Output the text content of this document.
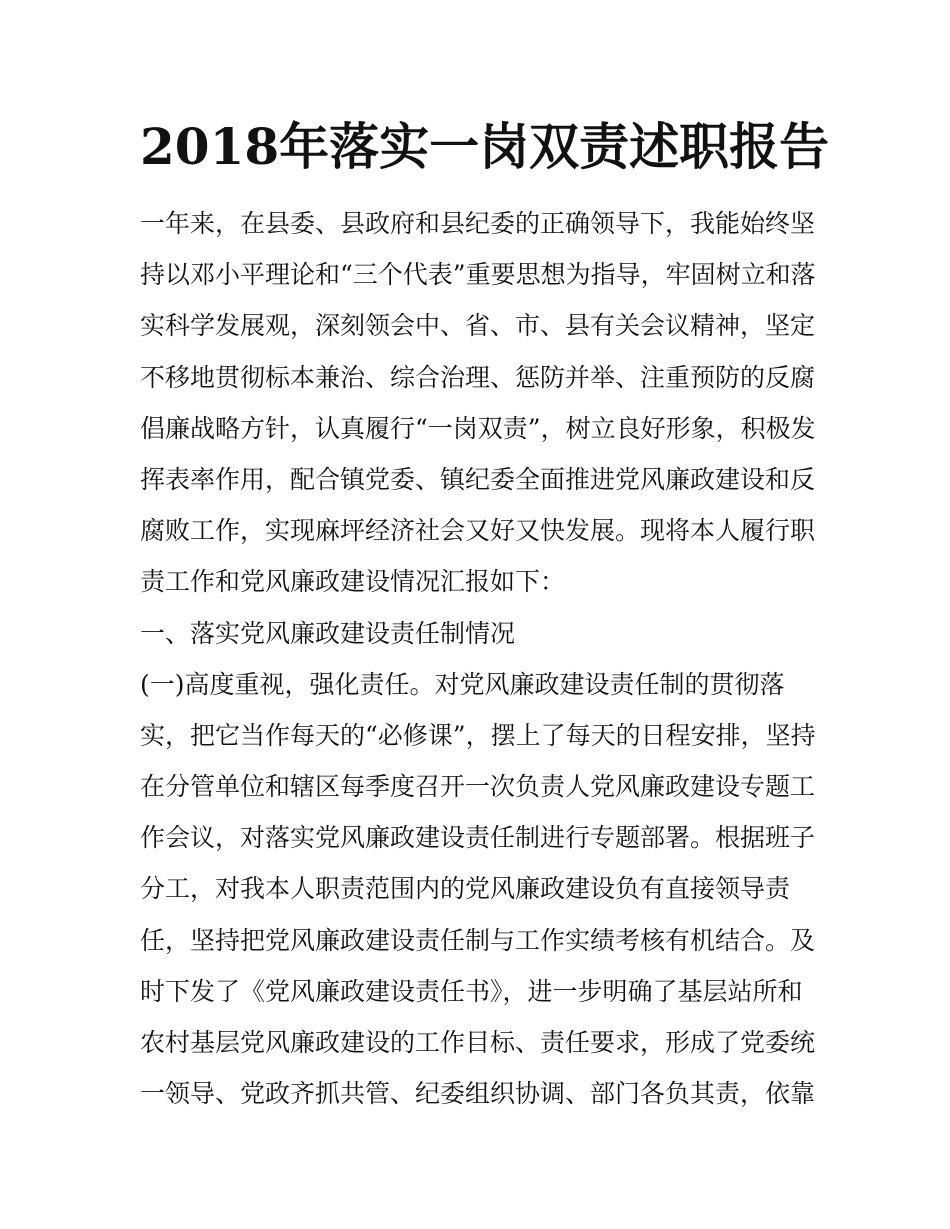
2018年落实一岗双责述职报告
一年来，在县委、县政府和县纪委的正确领导下，我能始终坚
持以邓小平理论和“三个代表”重要思想为指导，牢固树立和落
实科学发展观，深刻领会中、省、市、县有关会议精神，坚定
不移地贯彻标本兼治、综合治理、惩防并举、注重预防的反腐
倡廉战略方针，认真履行“一岗双责”，树立良好形象，积极发
挥表率作用，配合镇党委、镇纪委全面推进党风廉政建设和反
腐败工作，实现麻坪经济社会又好又快发展。现将本人履行职
责工作和党风廉政建设情况汇报如下：
一、落实党风廉政建设责任制情况
(一)高度重视，强化责任。对党风廉政建设责任制的贯彻落
实，把它当作每天的“必修课”，摆上了每天的日程安排，坚持
在分管单位和辖区每季度召开一次负责人党风廉政建设专题工
作会议，对落实党风廉政建设责任制进行专题部署。根据班子
分工，对我本人职责范围内的党风廉政建设负有直接领导责
任，坚持把党风廉政建设责任制与工作实绩考核有机结合。及
时下发了《党风廉政建设责任书》，进一步明确了基层站所和
农村基层党风廉政建设的工作目标、责任要求，形成了党委统
一领导、党政齐抓共管、纪委组织协调、部门各负其责，依靠
